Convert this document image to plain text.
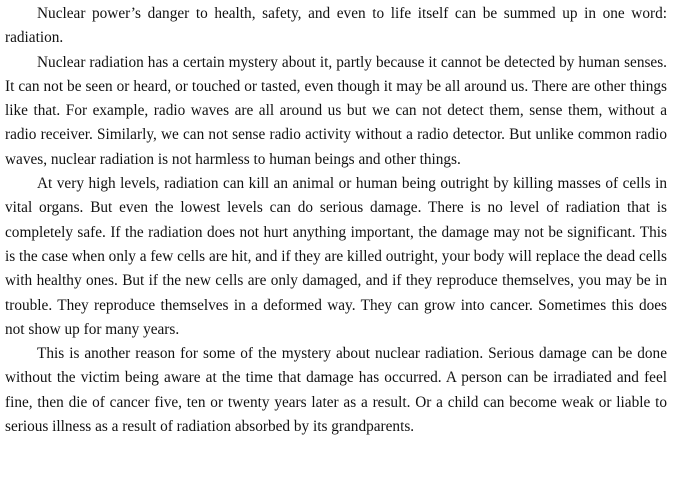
Nuclear power’s danger to health, safety, and even to life itself can be summed up in one word: radiation.

Nuclear radiation has a certain mystery about it, partly because it cannot be detected by human senses. It can not be seen or heard, or touched or tasted, even though it may be all around us. There are other things like that. For example, radio waves are all around us but we can not detect them, sense them, without a radio receiver. Similarly, we can not sense radio activity without a radio detector. But unlike common radio waves, nuclear radiation is not harmless to human beings and other things.

At very high levels, radiation can kill an animal or human being outright by killing masses of cells in vital organs. But even the lowest levels can do serious damage. There is no level of radiation that is completely safe. If the radiation does not hurt anything important, the damage may not be significant. This is the case when only a few cells are hit, and if they are killed outright, your body will replace the dead cells with healthy ones. But if the new cells are only damaged, and if they reproduce themselves, you may be in trouble. They reproduce themselves in a deformed way. They can grow into cancer. Sometimes this does not show up for many years.

This is another reason for some of the mystery about nuclear radiation. Serious damage can be done without the victim being aware at the time that damage has occurred. A person can be irradiated and feel fine, then die of cancer five, ten or twenty years later as a result. Or a child can become weak or liable to serious illness as a result of radiation absorbed by its grandparents.
